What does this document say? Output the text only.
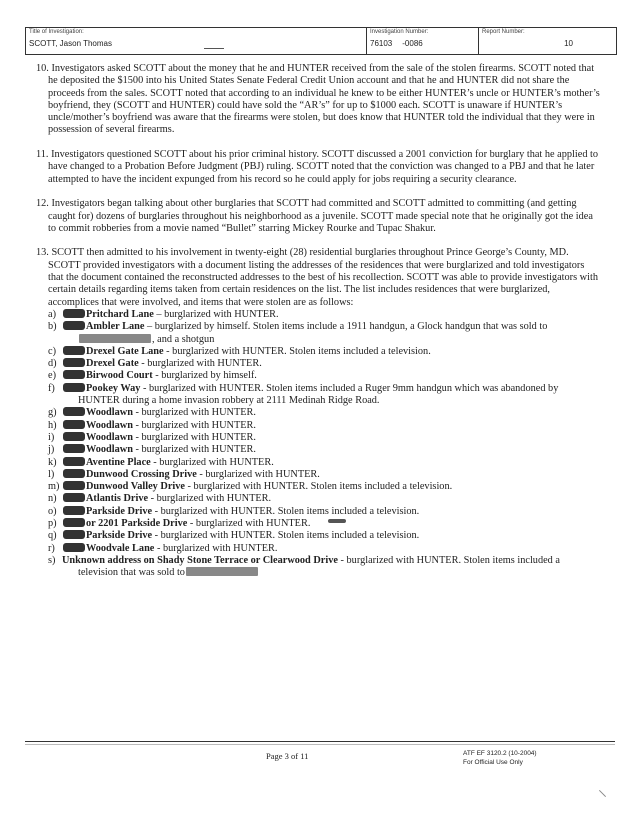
Title of Investigation:
SCOTT, Jason Thomas
Investigation Number:
76103 -0086
Report Number:
10

10. Investigators asked SCOTT about the money that he and HUNTER received from the sale of the stolen firearms. SCOTT noted that he deposited the $1500 into his United States Senate Federal Credit Union account and that he and HUNTER did not share the proceeds from the sales. SCOTT noted that according to an individual he knew to be either HUNTER’s uncle or HUNTER’s mother’s boyfriend, they (SCOTT and HUNTER) could have sold the “AR’s” for up to $1000 each. SCOTT is unaware if HUNTER’s uncle/mother’s boyfriend was aware that the firearms were stolen, but does know that HUNTER told the individual that they were in possession of several firearms.

11. Investigators questioned SCOTT about his prior criminal history. SCOTT discussed a 2001 conviction for burglary that he applied to have changed to a Probation Before Judgment (PBJ) ruling. SCOTT noted that the conviction was changed to a PBJ and that he later attempted to have the incident expunged from his record so he could apply for jobs requiring a security clearance.

12. Investigators began talking about other burglaries that SCOTT had committed and SCOTT admitted to committing (and getting caught for) dozens of burglaries throughout his neighborhood as a juvenile. SCOTT made special note that he originally got the idea to commit robberies from a movie named “Bullet” starring Mickey Rourke and Tupac Shakur.

13. SCOTT then admitted to his involvement in twenty-eight (28) residential burglaries throughout Prince George’s County, MD. SCOTT provided investigators with a document listing the addresses of the residences that were burglarized and told investigators that the document contained the reconstructed addresses to the best of his recollection. SCOTT was able to provide investigators with certain details regarding items taken from certain residences on the list. The list includes residences that were burglarized, accomplices that were involved, and items that were stolen are as follows:
a)	Pritchard Lane – burglarized with HUNTER.
b)	Ambler Lane – burglarized by himself. Stolen items include a 1911 handgun, a Glock handgun that was sold to, and a shotgun
c)	Drexel Gate Lane - burglarized with HUNTER. Stolen items included a television.
d)	Drexel Gate - burglarized with HUNTER.
e)	Birwood Court - burglarized by himself.
f)	Pookey Way - burglarized with HUNTER. Stolen items included a Ruger 9mm handgun which was abandoned by HUNTER during a home invasion robbery at 2111 Medinah Ridge Road.
g)	Woodlawn - burglarized with HUNTER.
h)	Woodlawn - burglarized with HUNTER.
i)	Woodlawn - burglarized with HUNTER.
j)	Woodlawn - burglarized with HUNTER.
k)	Aventine Place - burglarized with HUNTER.
l)	Dunwood Crossing Drive - burglarized with HUNTER.
m)	Dunwood Valley Drive - burglarized with HUNTER. Stolen items included a television.
n)	Atlantis Drive - burglarized with HUNTER.
o)	Parkside Drive - burglarized with HUNTER. Stolen items included a television.
p)	or 2201 Parkside Drive - burglarized with HUNTER.
q)	Parkside Drive - burglarized with HUNTER. Stolen items included a television.
r)	Woodvale Lane - burglarized with HUNTER.
s) Unknown address on Shady Stone Terrace or Clearwood Drive - burglarized with HUNTER. Stolen items included a television that was sold to
Page 3 of 11	ATF EF 3120.2 (10-2004)
For Official Use Only
